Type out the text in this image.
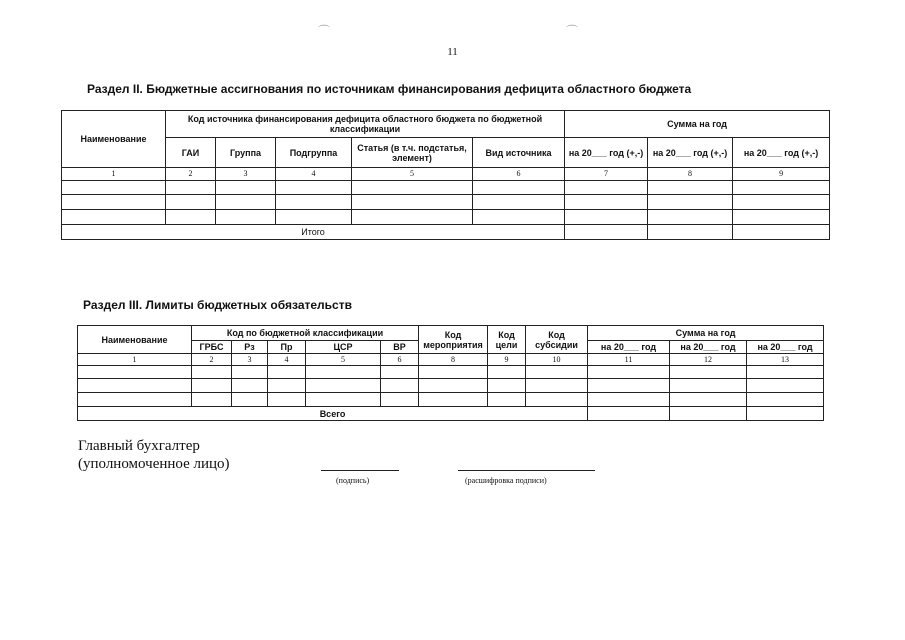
⌒	⌒
11
Раздел II. Бюджетные ассигнования по источникам финансирования дефицита областного бюджета
Наименование	Код источника финансирования дефицита областного бюджета по бюджетной классификации					Сумма на год		
	ГАИ	Группа	Подгруппа	Статья (в т.ч. подстатья, элемент)	Вид источника	на 20___ год (+,-)	на 20___ год (+,-)	на 20___ год (+,-)
1	2	3	4	5	6	7	8	9

Итого								
Раздел III. Лимиты бюджетных обязательств
Наименование	Код по бюджетной классификации					Код мероприятия	Код цели	Код субсидии	Сумма на год		
	ГРБС	Рз	Пр	ЦСР	ВР				на 20___ год	на 20___ год	на 20___ год
1	2	3	4	5	6	8	9	10	11	12	13

Всего											
Главный бухгалтер
(уполномоченное лицо)
(подпись)	(расшифровка подписи)
